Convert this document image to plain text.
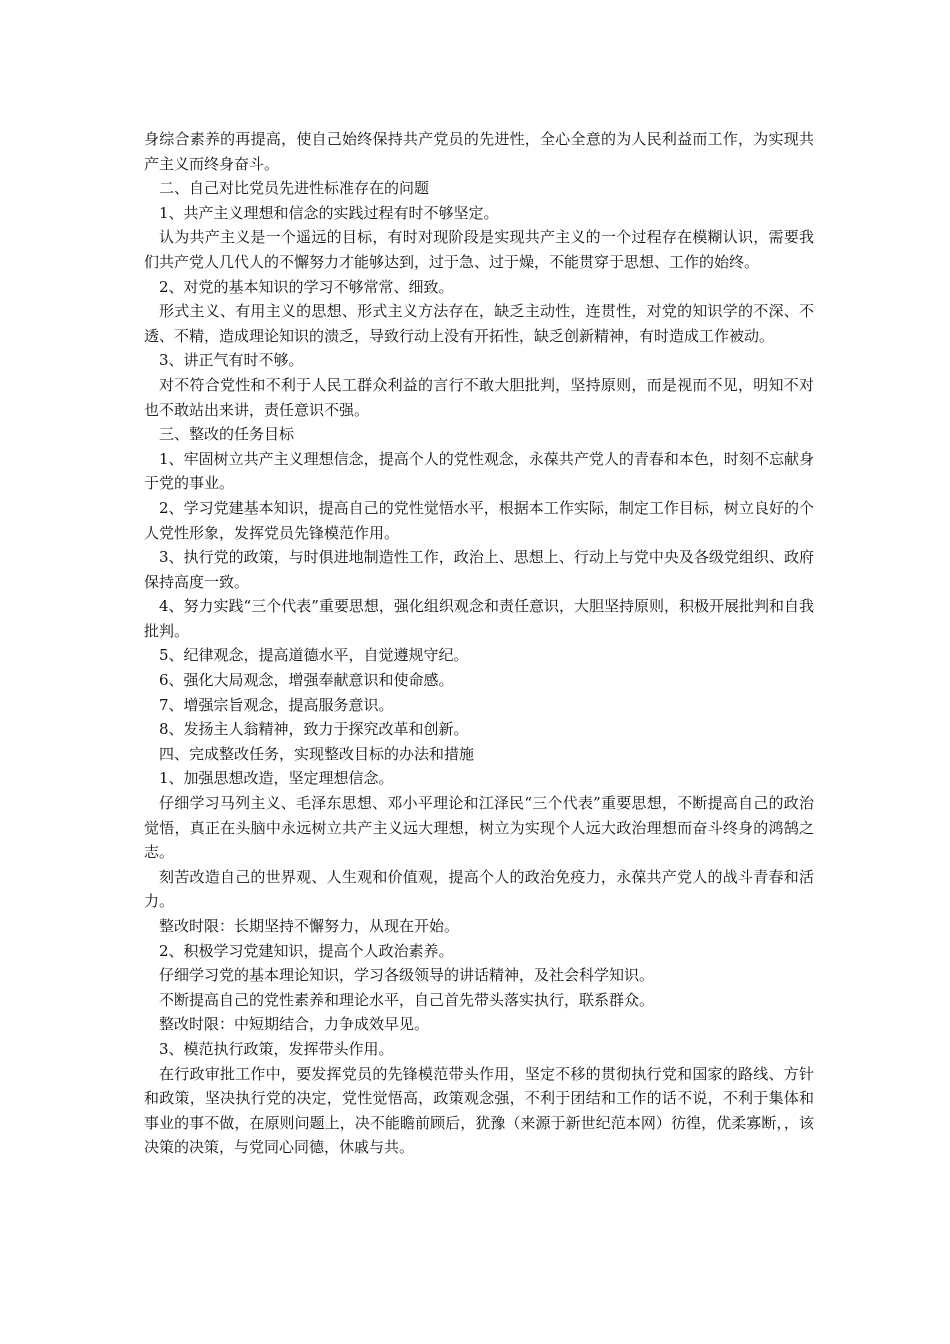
身综合素养的再提高，使自己始终保持共产党员的先进性，全心全意的为人民利益而工作，为实现共产主义而终身奋斗。

二、自己对比党员先进性标准存在的问题

1、共产主义理想和信念的实践过程有时不够坚定。

认为共产主义是一个遥远的目标，有时对现阶段是实现共产主义的一个过程存在模糊认识，需要我们共产党人几代人的不懈努力才能够达到，过于急、过于燥，不能贯穿于思想、工作的始终。

2、对党的基本知识的学习不够常常、细致。

形式主义、有用主义的思想、形式主义方法存在，缺乏主动性，连贯性，对党的知识学的不深、不透、不精，造成理论知识的溃乏，导致行动上没有开拓性，缺乏创新精神，有时造成工作被动。

3、讲正气有时不够。

对不符合党性和不利于人民工群众利益的言行不敢大胆批判，坚持原则，而是视而不见，明知不对也不敢站出来讲，责任意识不强。

三、整改的任务目标

1、牢固树立共产主义理想信念，提高个人的党性观念，永葆共产党人的青春和本色，时刻不忘献身于党的事业。

2、学习党建基本知识，提高自己的党性觉悟水平，根据本工作实际，制定工作目标，树立良好的个人党性形象，发挥党员先锋模范作用。

3、执行党的政策，与时俱进地制造性工作，政治上、思想上、行动上与党中央及各级党组织、政府保持高度一致。

4、努力实践“三个代表”重要思想，强化组织观念和责任意识，大胆坚持原则，积极开展批判和自我批判。

5、纪律观念，提高道德水平，自觉遵规守纪。

6、强化大局观念，增强奉献意识和使命感。

7、增强宗旨观念，提高服务意识。

8、发扬主人翁精神，致力于探究改革和创新。

四、完成整改任务，实现整改目标的办法和措施

1、加强思想改造，坚定理想信念。

仔细学习马列主义、毛泽东思想、邓小平理论和江泽民“三个代表”重要思想，不断提高自己的政治觉悟，真正在头脑中永远树立共产主义远大理想，树立为实现个人远大政治理想而奋斗终身的鸿鹄之志。

刻苦改造自己的世界观、人生观和价值观，提高个人的政治免疫力，永葆共产党人的战斗青春和活力。

整改时限：长期坚持不懈努力，从现在开始。

2、积极学习党建知识，提高个人政治素养。

仔细学习党的基本理论知识，学习各级领导的讲话精神，及社会科学知识。

不断提高自己的党性素养和理论水平，自己首先带头落实执行，联系群众。

整改时限：中短期结合，力争成效早见。

3、模范执行政策，发挥带头作用。

在行政审批工作中，要发挥党员的先锋模范带头作用，坚定不移的贯彻执行党和国家的路线、方针和政策，坚决执行党的决定，党性觉悟高，政策观念强，不利于团结和工作的话不说，不利于集体和事业的事不做，在原则问题上，决不能瞻前顾后，犹豫（来源于新世纪范本网）彷徨，优柔寡断，，该决策的决策，与党同心同德，休戚与共。
